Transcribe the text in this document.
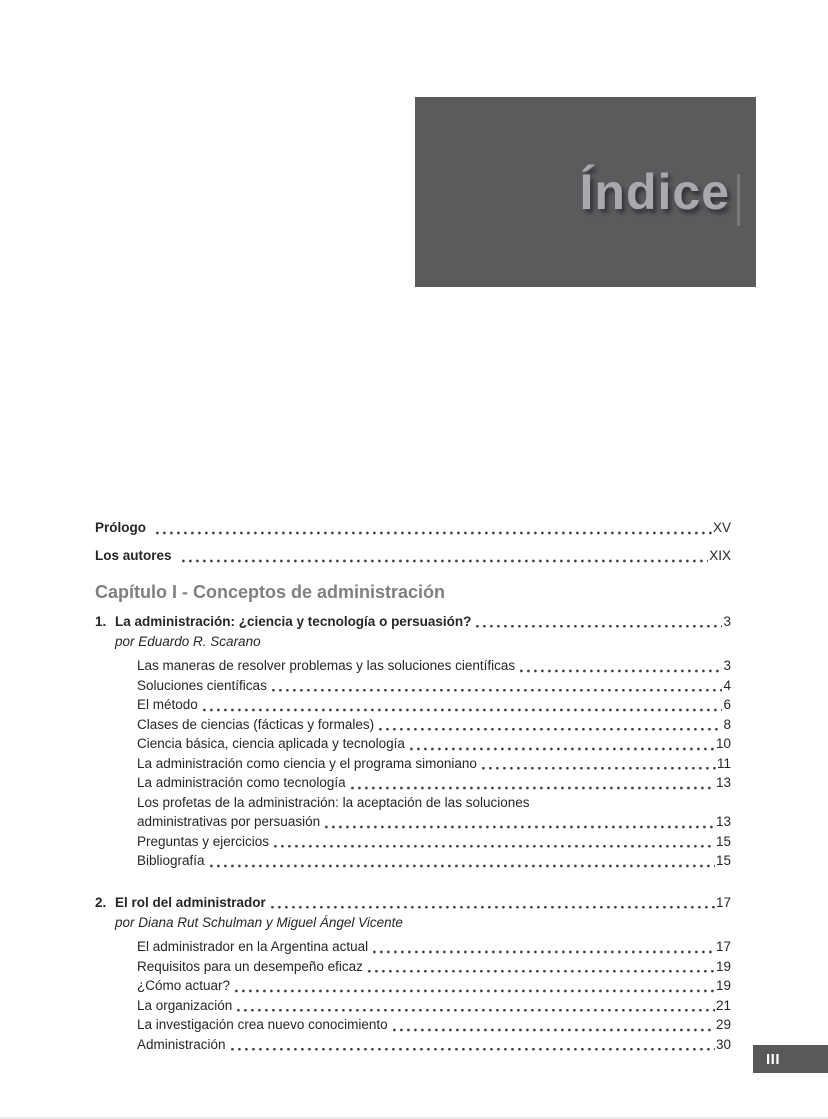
Índice
Prólogo	XV
Los autores	XIX
Capítulo I - Conceptos de administración
1. La administración: ¿ciencia y tecnología o persuasión?	3
por Eduardo R. Scarano
Las maneras de resolver problemas y las soluciones científicas	3
Soluciones científicas	4
El método	6
Clases de ciencias (fácticas y formales)	8
Ciencia básica, ciencia aplicada y tecnología	10
La administración como ciencia y el programa simoniano	11
La administración como tecnología	13
Los profetas de la administración: la aceptación de las soluciones
administrativas por persuasión	13
Preguntas y ejercicios	15
Bibliografía	15
2. El rol del administrador	17
por Diana Rut Schulman y Miguel Ángel Vicente
El administrador en la Argentina actual	17
Requisitos para un desempeño eficaz	19
¿Cómo actuar?	19
La organización	21
La investigación crea nuevo conocimiento	29
Administración	30
III
